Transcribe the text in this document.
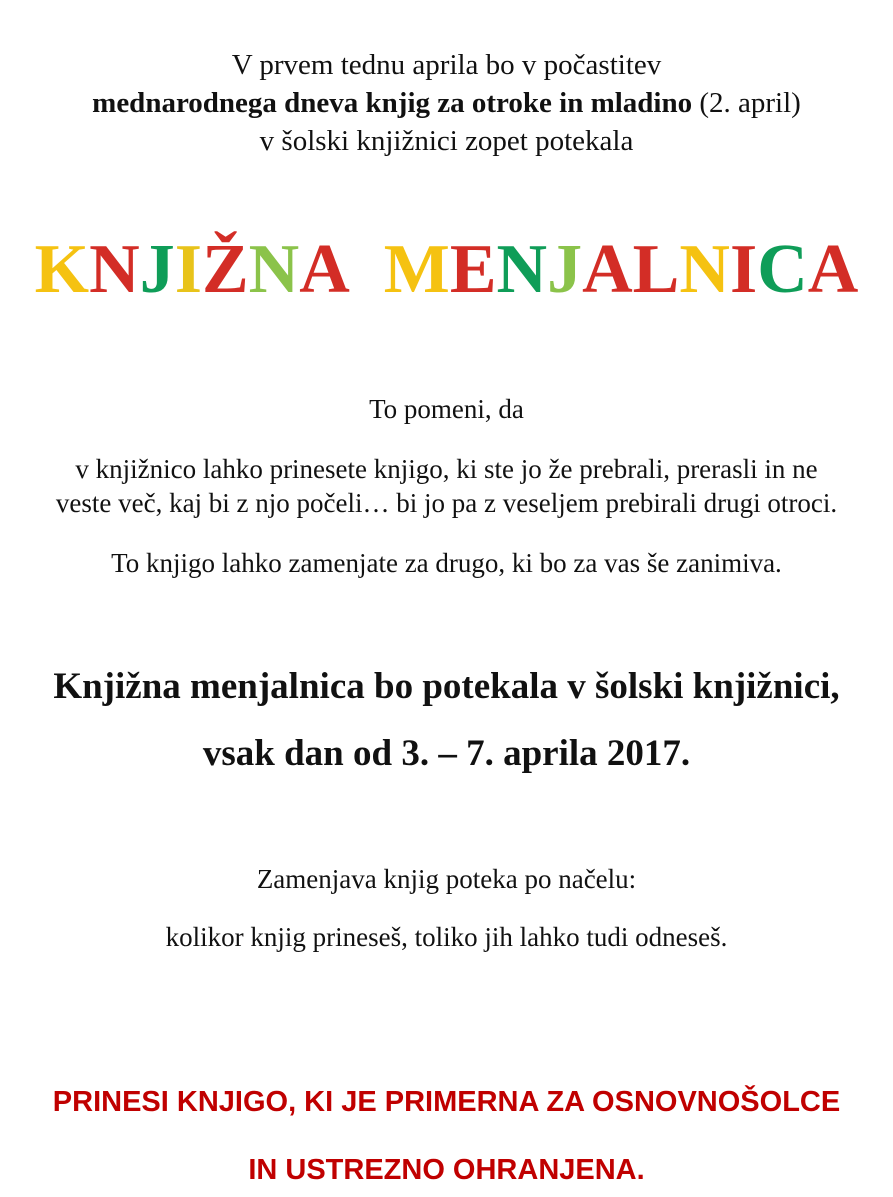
V prvem tednu aprila bo v počastitev
mednarodnega dneva knjig za otroke in mladino (2. april)
v šolski knjižnici zopet potekala
KNJIŽNA MENJALNICA
To pomeni, da
v knjižnico lahko prinesete knjigo, ki ste jo že prebrali, prerasli in ne
veste več, kaj bi z njo počeli… bi jo pa z veseljem prebirali drugi otroci.
To knjigo lahko zamenjate za drugo, ki bo za vas še zanimiva.
Knjižna menjalnica bo potekala v šolski knjižnici,
vsak dan od 3. – 7. aprila 2017.
Zamenjava knjig poteka po načelu:
kolikor knjig prineseš, toliko jih lahko tudi odneseš.
PRINESI KNJIGO, KI JE PRIMERNA ZA OSNOVNOŠOLCE
IN USTREZNO OHRANJENA.
